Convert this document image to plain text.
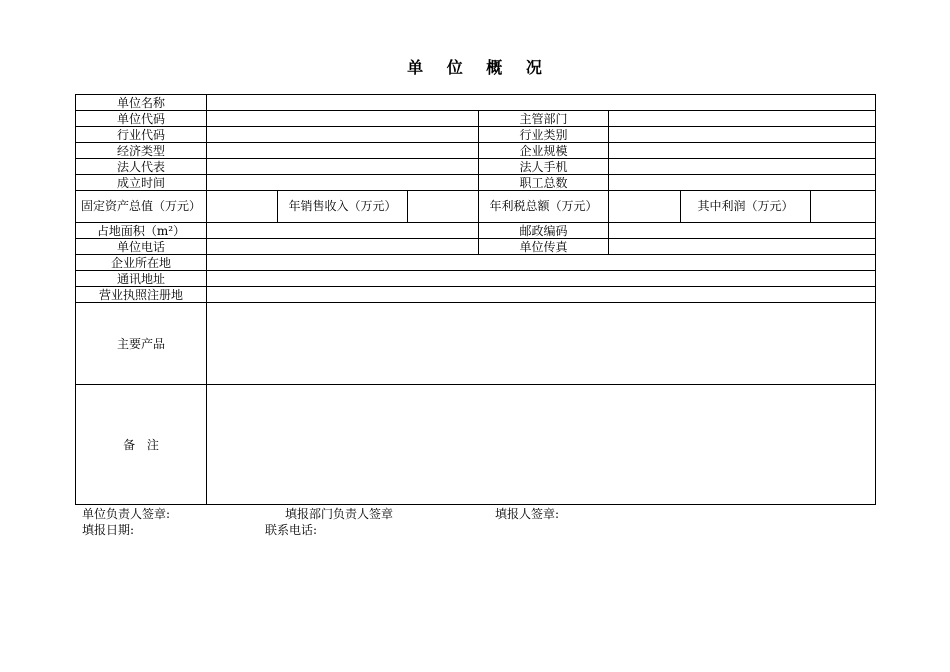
单 位 概 况
单位名称							
单位代码				主管部门			
行业代码				行业类别			
经济类型				企业规模			
法人代表				法人手机			
成立时间				职工总数			
固定资产总值（万元）		年销售收入（万元）		年利税总额（万元）		其中利润（万元）	
占地面积（m²）				邮政编码			
单位电话				单位传真			
企业所在地							
通讯地址							
营业执照注册地							
主要产品							
备 注							
单位负责人签章:	填报部门负责人签章	填报人签章:
填报日期:	联系电话:
